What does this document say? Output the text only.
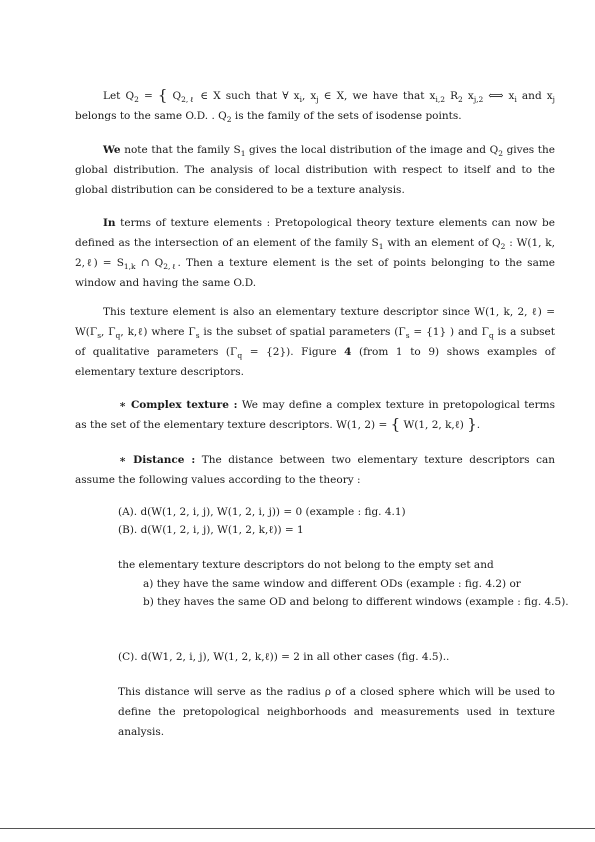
Let $Q_2$ = { $Q_{2,\ell}$ ∈ X such that ∀ $x_i$, $x_j$ ∈ X, we have that $x_{i,2}$ $R_2$ $x_{j,2}$ ⟺ $x_i$ and $x_j$ belongs to the same O.D. . $Q_2$ is the family of the sets of isodense points.
We note that the family $S_1$ gives the local distribution of the image and $Q_2$ gives the global distribution. The analysis of local distribution with respect to itself and to the global distribution can be considered to be a texture analysis.
In terms of texture elements : Pretopological theory texture elements can now be defined as the intersection of an element of the family $S_1$ with an element of $Q_2$ : W(1, k, 2,ℓ) = $S_{1,k}$ ∩ $Q_{2,\ell}$. Then a texture element is the set of points belonging to the same window and having the same O.D.
This texture element is also an elementary texture descriptor since W(1, k, 2, ℓ) = $W(\Gamma_s$, $\Gamma_q$, k,ℓ) where $\Gamma_s$ is the subset of spatial parameters ($\Gamma_s = \{1\}$ ) and $\Gamma_q$ is a subset of qualitative parameters $(\Gamma_q = \{2\})$. Figure 4 (from 1 to 9) shows examples of elementary texture descriptors.
∗ Complex texture : We may define a complex texture in pretopological terms as the set of the elementary texture descriptors. W(1, 2) = { W(1, 2, k,ℓ) }.
∗ Distance : The distance between two elementary texture descriptors can assume the following values according to the theory :
(A). d(W(1, 2, i, j), W(1, 2, i, j)) = 0 (example : fig. 4.1)
(B). d(W(1, 2, i, j), W(1, 2, k,ℓ)) = 1
the elementary texture descriptors do not belong to the empty set and
a) they have the same window and different ODs (example : fig. 4.2) or
b) they haves the same OD and belong to different windows (example : fig. 4.5).
(C). d(W1, 2, i, j), W(1, 2, k,ℓ)) = 2 in all other cases (fig. 4.5)..
This distance will serve as the radius ρ of a closed sphere which will be used to define the pretopological neighborhoods and measurements used in texture analysis.
